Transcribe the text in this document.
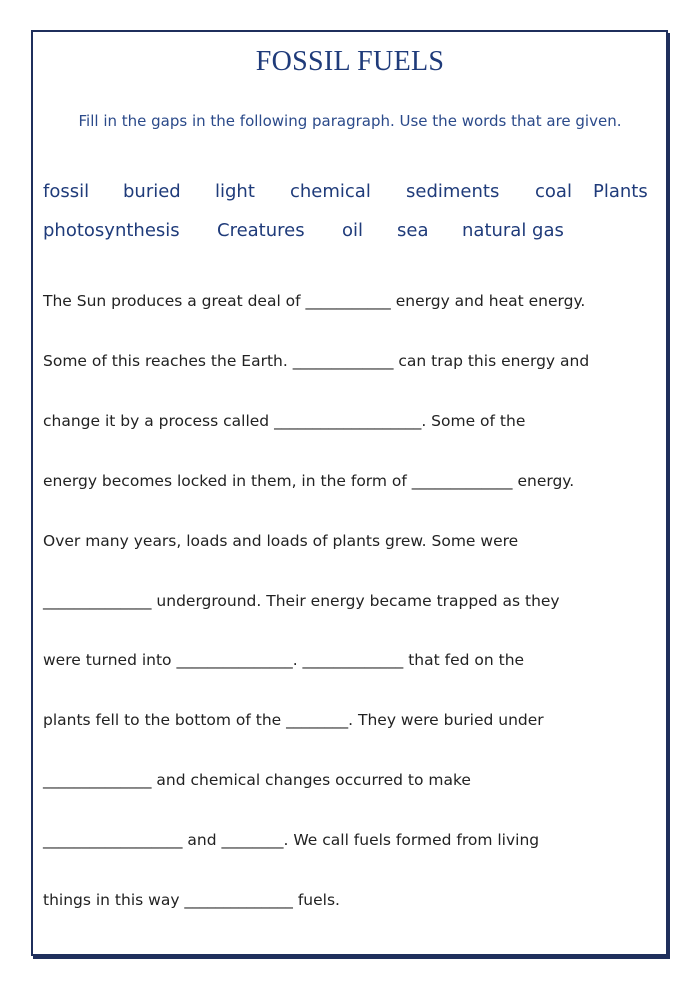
FOSSIL FUELS
Fill in the gaps in the following paragraph. Use the words that are given.
fossil buried light chemical sediments coal Plants
photosynthesis Creatures oil sea natural gas
The Sun produces a great deal of ___________ energy and heat energy.
Some of this reaches the Earth. _____________ can trap this energy and
change it by a process called ___________________. Some of the
energy becomes locked in them, in the form of _____________ energy.
Over many years, loads and loads of plants grew. Some were
______________ underground. Their energy became trapped as they
were turned into _______________. _____________ that fed on the
plants fell to the bottom of the ________. They were buried under
______________ and chemical changes occurred to make
__________________ and ________. We call fuels formed from living
things in this way ______________ fuels.
